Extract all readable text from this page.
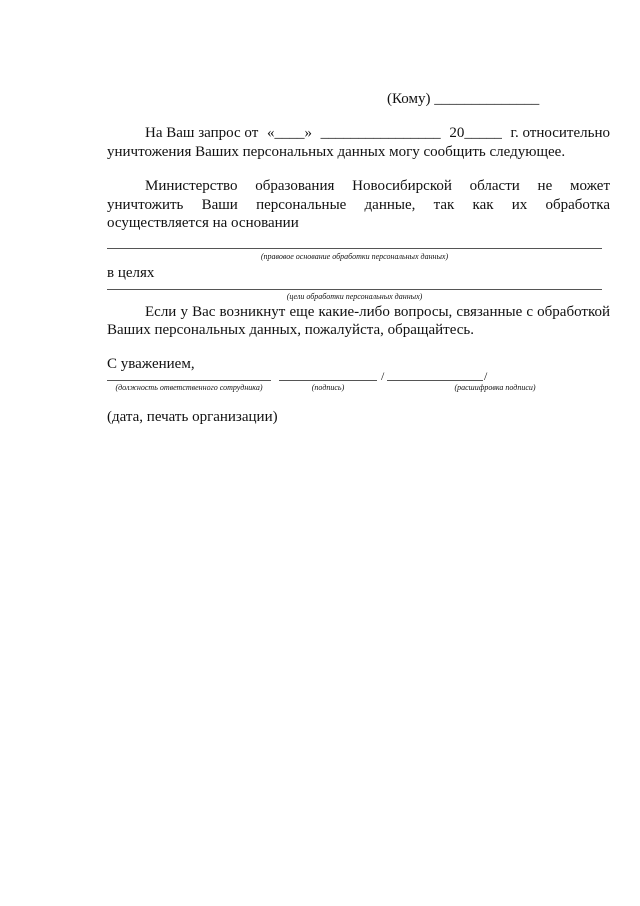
(Кому) ______________
На Ваш запрос от «____» ________________ 20_____ г. относительно
уничтожения Ваших персональных данных могу сообщить следующее.
Министерство образования Новосибирской области не может
уничтожить Ваши персональные данные, так как их обработка
осуществляется на основании
(правовое основание обработки персональных данных)
в целях
(цели обработки персональных данных)
Если у Вас возникнут еще какие-либо вопросы, связанные с обработкой
Ваших персональных данных, пожалуйста, обращайтесь.
С уважением,
(должность ответственного сотрудника)	(подпись)
/	/
(расшифровка подписи)
(дата, печать организации)
